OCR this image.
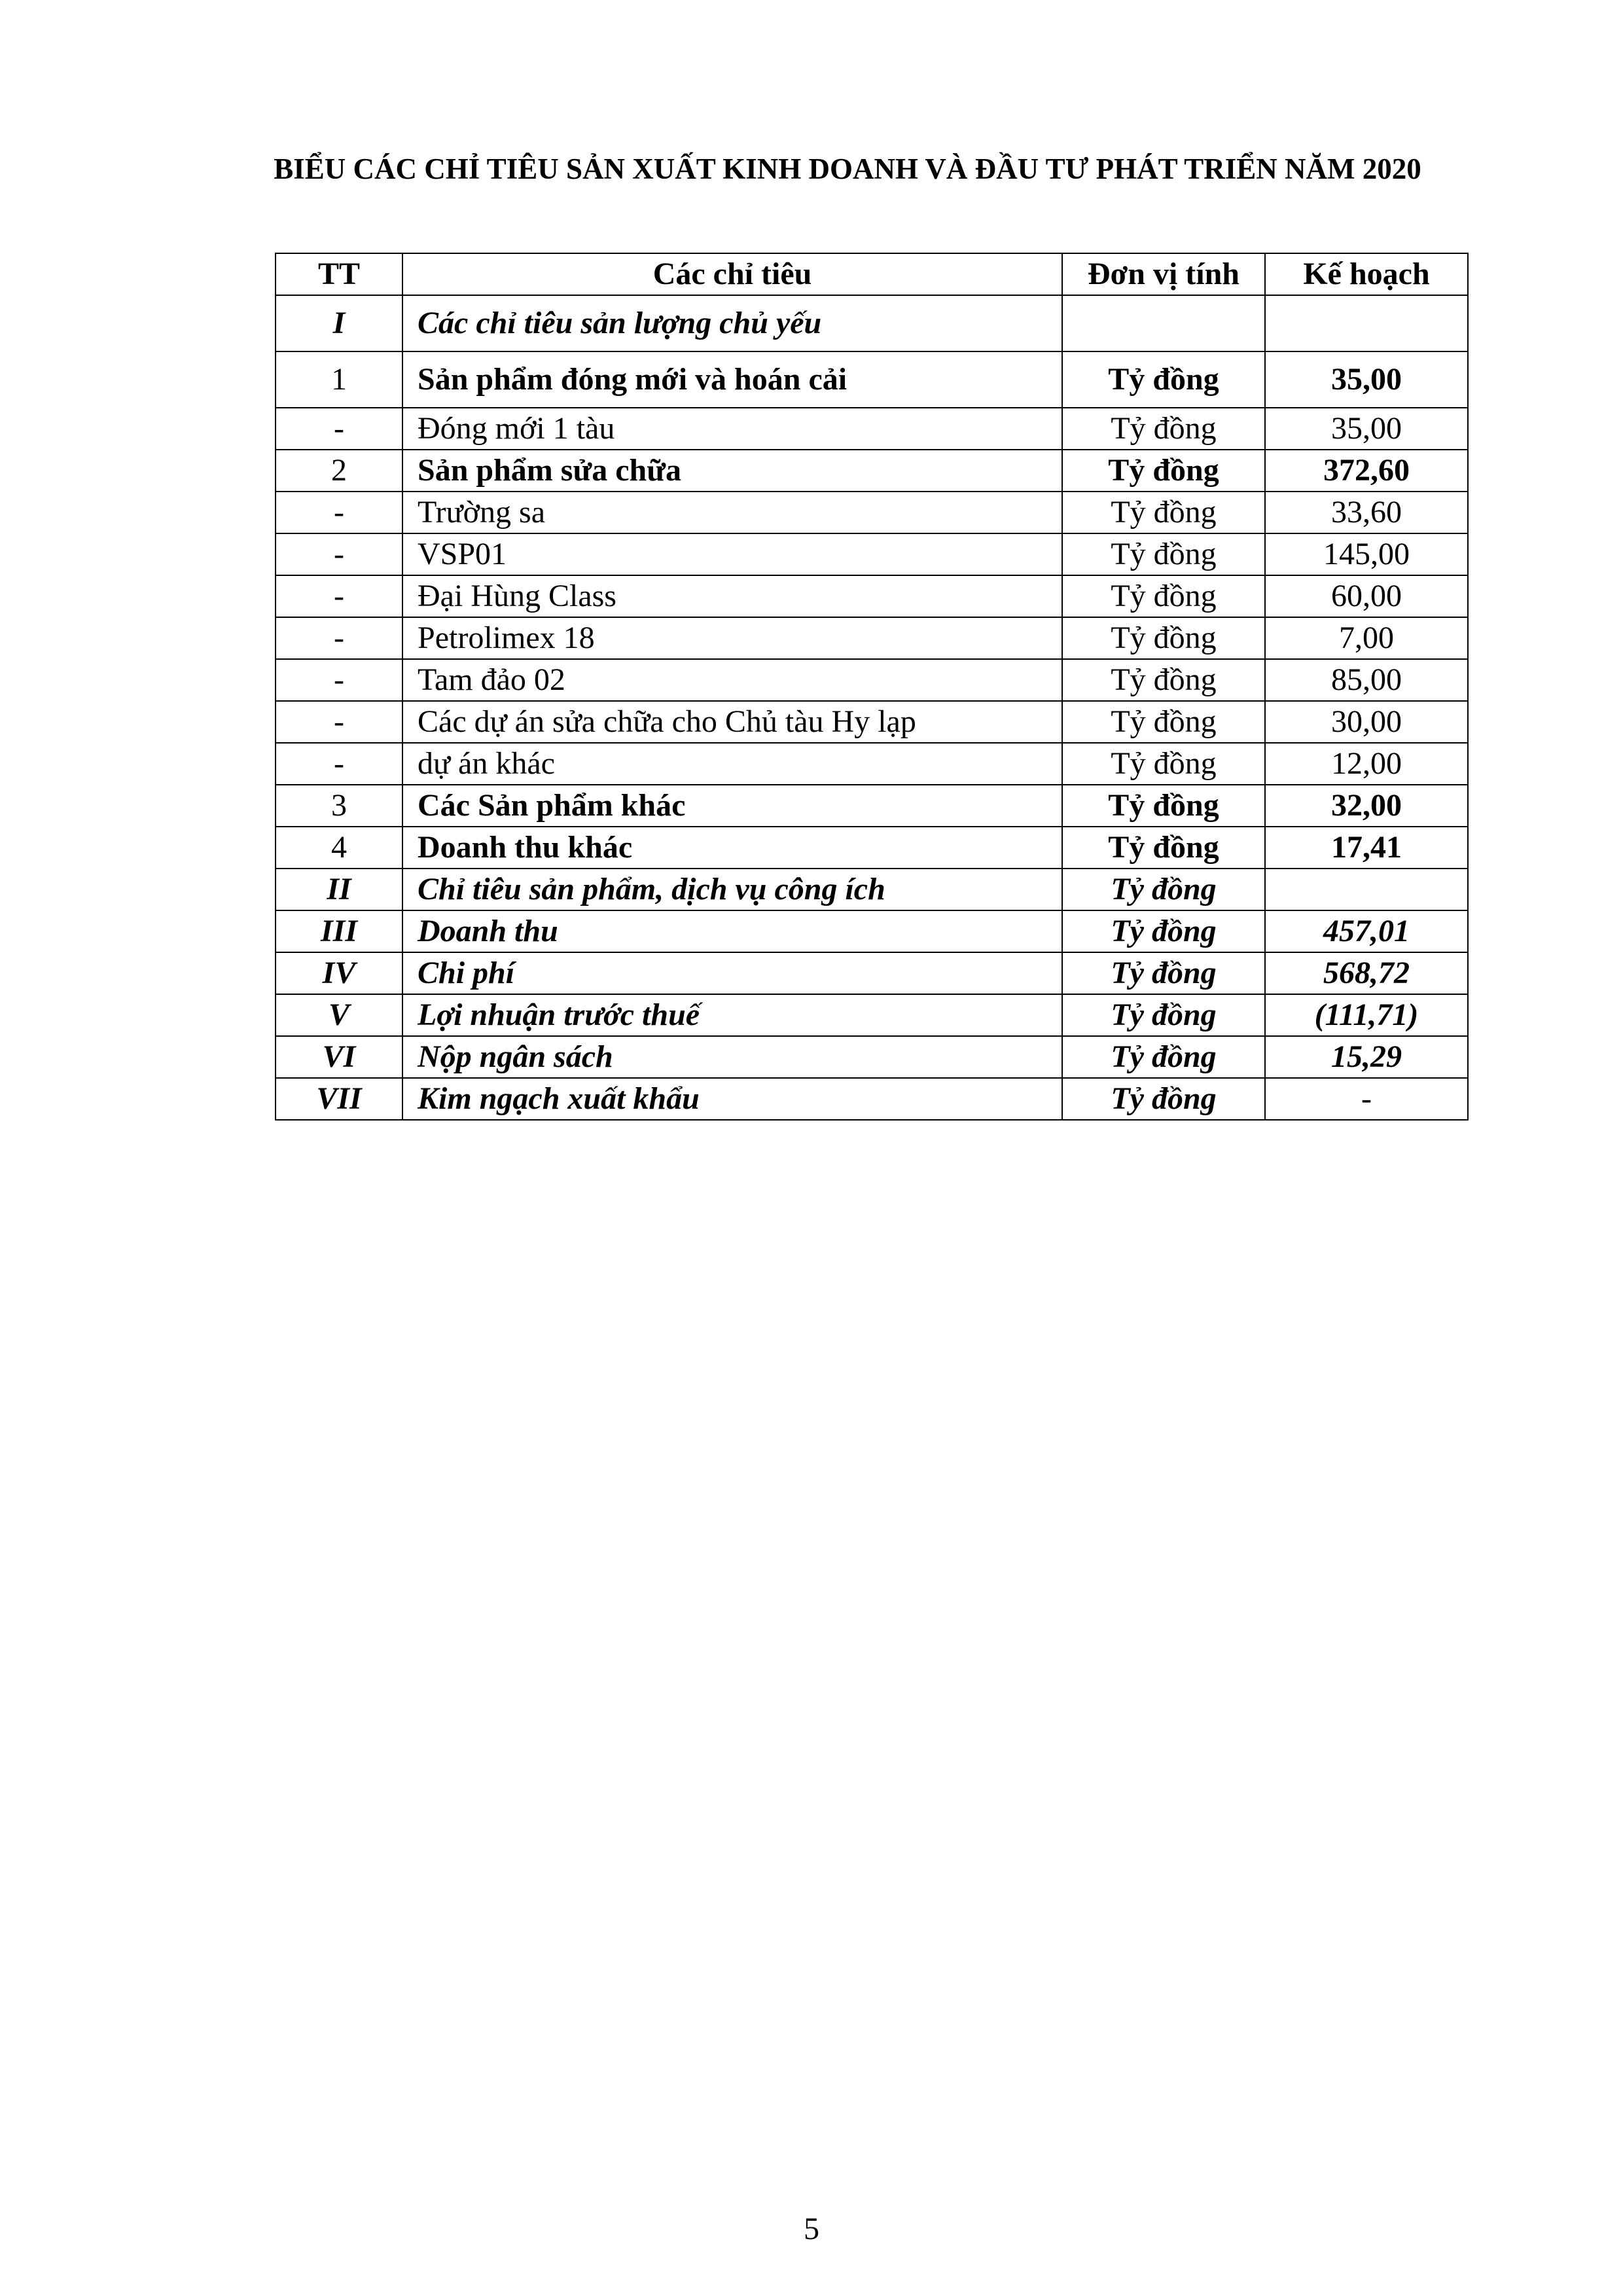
BIỂU CÁC CHỈ TIÊU SẢN XUẤT KINH DOANH VÀ ĐẦU TƯ PHÁT TRIỂN NĂM 2020
TT	Các chỉ tiêu	Đơn vị tính	Kế hoạch
I	Các chỉ tiêu sản lượng chủ yếu		
1	Sản phẩm đóng mới và hoán cải	Tỷ đồng	35,00
-	Đóng mới 1 tàu	Tỷ đồng	35,00
2	Sản phẩm sửa chữa	Tỷ đồng	372,60
-	Trường sa	Tỷ đồng	33,60
-	VSP01	Tỷ đồng	145,00
-	Đại Hùng Class	Tỷ đồng	60,00
-	Petrolimex 18	Tỷ đồng	7,00
-	Tam đảo 02	Tỷ đồng	85,00
-	Các dự án sửa chữa cho Chủ tàu Hy lạp	Tỷ đồng	30,00
-	dự án khác	Tỷ đồng	12,00
3	Các Sản phẩm khác	Tỷ đồng	32,00
4	Doanh thu khác	Tỷ đồng	17,41
II	Chỉ tiêu sản phẩm, dịch vụ công ích	Tỷ đồng	
III	Doanh thu	Tỷ đồng	457,01
IV	Chi phí	Tỷ đồng	568,72
V	Lợi nhuận trước thuế	Tỷ đồng	(111,71)
VI	Nộp ngân sách	Tỷ đồng	15,29
VII	Kim ngạch xuất khẩu	Tỷ đồng	-
5
